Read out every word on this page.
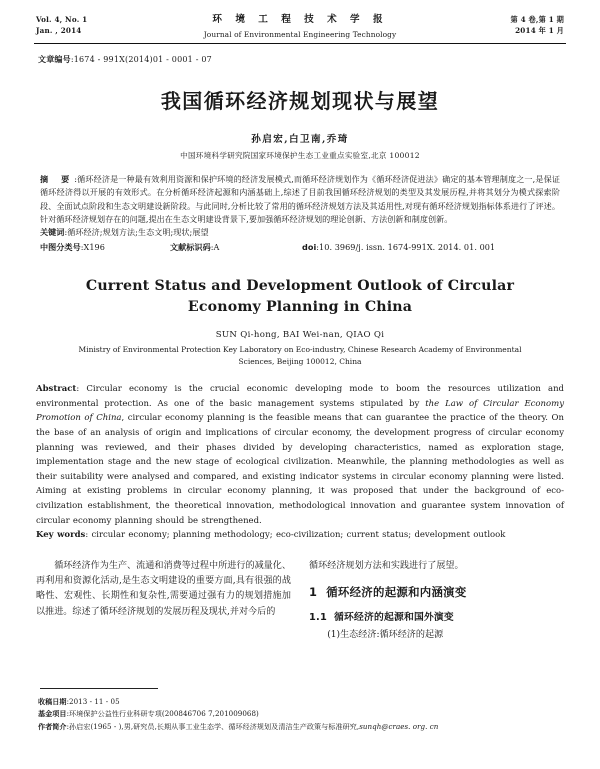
Vol. 4, No. 1
Jan. , 2014
环 境 工 程 技 术 学 报
Journal of Environmental Engineering Technology
第 4 卷,第 1 期
2014 年 1 月
文章编号:1674 - 991X(2014)01 - 0001 - 07
我国循环经济规划现状与展望
孙启宏,白卫南,乔琦
中国环境科学研究院国家环境保护生态工业重点实验室,北京 100012

摘 要:循环经济是一种最有效利用资源和保护环境的经济发展模式,而循环经济规划作为《循环经济促进法》确定的基本管理制度之一,是保证循环经济得以开展的有效形式。在分析循环经济起源和内涵基础上,综述了目前我国循环经济规划的类型及其发展历程,并将其划分为模式探索阶段、全面试点阶段和生态文明建设新阶段。与此同时,分析比较了常用的循环经济规划方法及其适用性,对现有循环经济规划指标体系进行了评述。针对循环经济规划存在的问题,提出在生态文明建设背景下,要加强循环经济规划的理论创新、方法创新和制度创新。

关键词:循环经济;规划方法;生态文明;现状;展望

中图分类号:X196	文献标识码:A	doi:10. 3969/j. issn. 1674-991X. 2014. 01. 001
Current Status and Development Outlook of Circular Economy Planning in China
SUN Qi-hong, BAI Wei-nan, QIAO Qi
Ministry of Environmental Protection Key Laboratory on Eco-industry, Chinese Research Academy of Environmental Sciences, Beijing 100012, China

Abstract: Circular economy is the crucial economic developing mode to boom the resources utilization and environmental protection. As one of the basic management systems stipulated by the Law of Circular Economy Promotion of China, circular economy planning is the feasible means that can guarantee the practice of the theory. On the base of an analysis of origin and implications of circular economy, the development progress of circular economy planning was reviewed, and their phases divided by developing characteristics, named as exploration stage, implementation stage and the new stage of ecological civilization. Meanwhile, the planning methodologies as well as their suitability were analysed and compared, and existing indicator systems in circular economy planning were listed. Aiming at existing problems in circular economy planning, it was proposed that under the background of eco-civilization establishment, the theoretical innovation, methodological innovation and guarantee system innovation of circular economy planning should be strengthened.

Key words: circular economy; planning methodology; eco-civilization; current status; development outlook

循环经济作为生产、流通和消费等过程中所进行的减量化、再利用和资源化活动,是生态文明建设的重要方面,具有很强的战略性、宏观性、长期性和复杂性,需要通过强有力的规划措施加以推进。综述了循环经济规划的发展历程及现状,并对今后的

循环经济规划方法和实践进行了展望。

1 循环经济的起源和内涵演变
1.1 循环经济的起源和国外演变

(1)生态经济:循环经济的起源

收稿日期:2013 - 11 - 05
基金项目:环境保护公益性行业科研专项(200846706 7,201009068)
作者简介:孙启宏(1965 - ),男,研究员,长期从事工业生态学、循环经济规划及清洁生产政策与标准研究,sunqh@craes. org. cn
